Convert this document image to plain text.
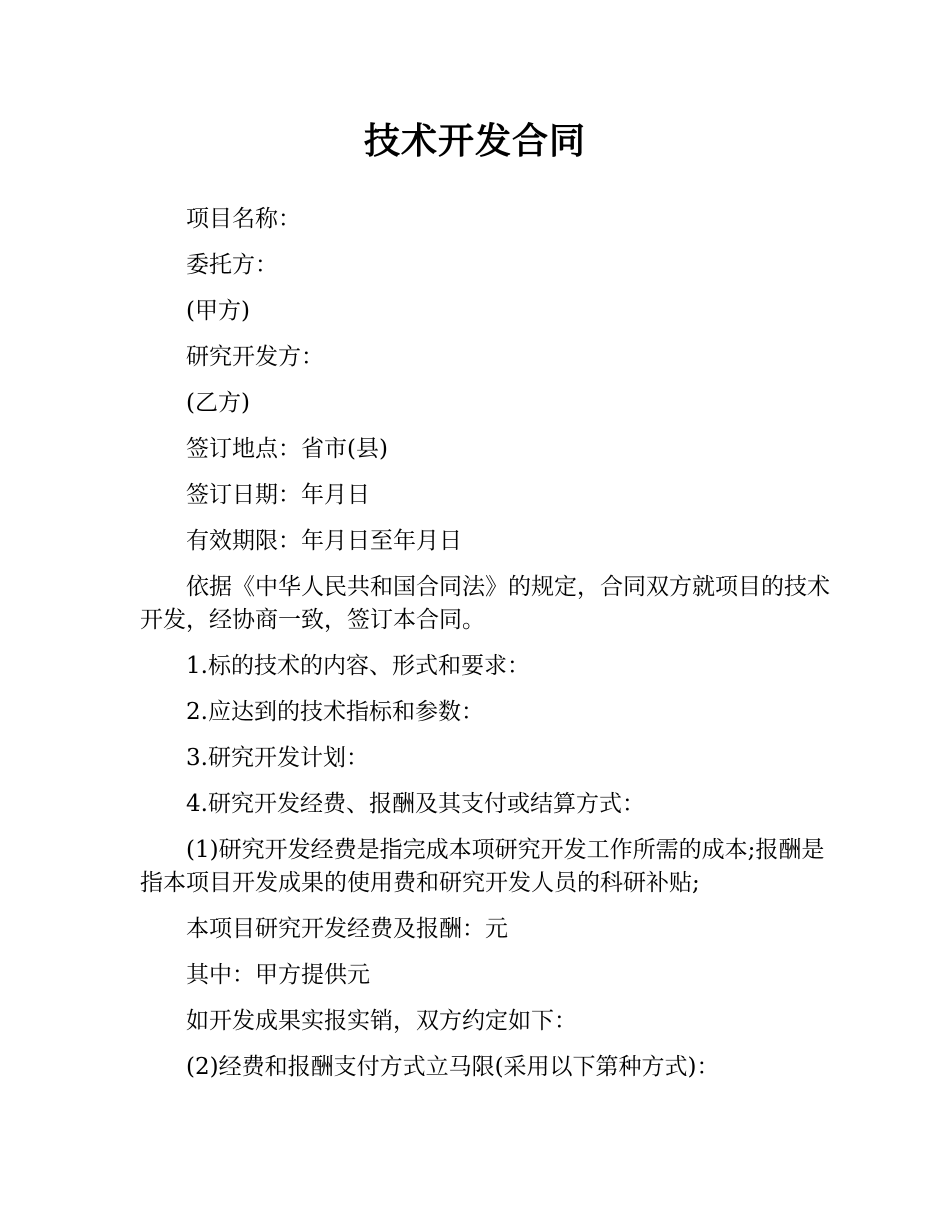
技术开发合同

项目名称：

委托方：

(甲方)

研究开发方：

(乙方)

签订地点：省市(县)

签订日期：年月日

有效期限：年月日至年月日

依据《中华人民共和国合同法》的规定，合同双方就项目的技术开发，经协商一致，签订本合同。

1.标的技术的内容、形式和要求：

2.应达到的技术指标和参数：

3.研究开发计划：

4.研究开发经费、报酬及其支付或结算方式：

(1)研究开发经费是指完成本项研究开发工作所需的成本;报酬是指本项目开发成果的使用费和研究开发人员的科研补贴;

本项目研究开发经费及报酬：元

其中：甲方提供元

如开发成果实报实销，双方约定如下：

(2)经费和报酬支付方式立马限(采用以下第种方式)：
